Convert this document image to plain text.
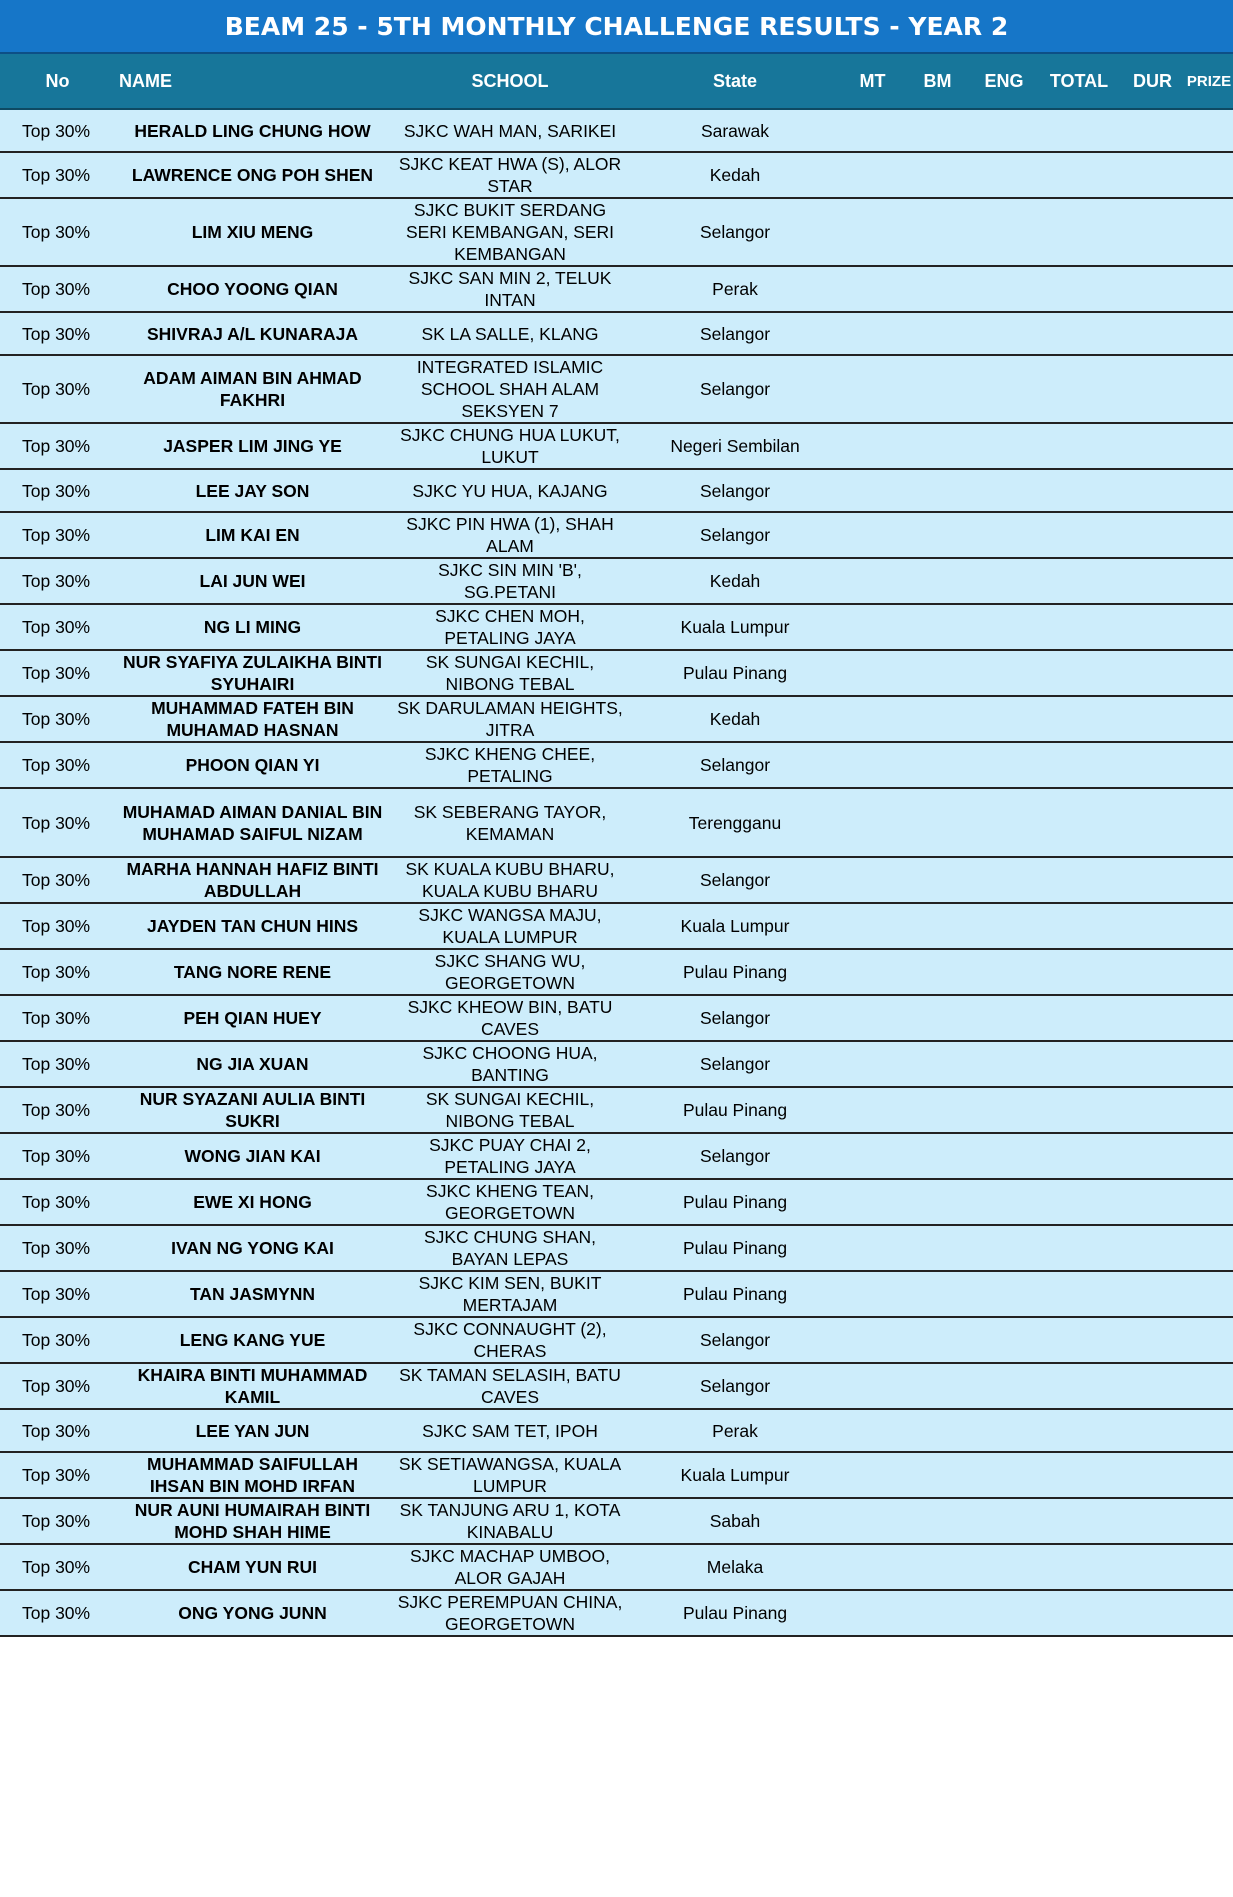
BEAM 25 - 5TH MONTHLY CHALLENGE RESULTS - YEAR 2
No	NAME	SCHOOL	State	MT	BM	ENG	TOTAL	DUR	PRIZE
Top 30%	HERALD LING CHUNG HOW	SJKC WAH MAN, SARIKEI	Sarawak						
Top 30%	LAWRENCE ONG POH SHEN	SJKC KEAT HWA (S), ALOR STAR	Kedah						
Top 30%	LIM XIU MENG	SJKC BUKIT SERDANG SERI KEMBANGAN, SERI KEMBANGAN	Selangor						
Top 30%	CHOO YOONG QIAN	SJKC SAN MIN 2, TELUK INTAN	Perak						
Top 30%	SHIVRAJ A/L KUNARAJA	SK LA SALLE, KLANG	Selangor						
Top 30%	ADAM AIMAN BIN AHMAD FAKHRI	INTEGRATED ISLAMIC SCHOOL SHAH ALAM SEKSYEN 7	Selangor						
Top 30%	JASPER LIM JING YE	SJKC CHUNG HUA LUKUT, LUKUT	Negeri Sembilan						
Top 30%	LEE JAY SON	SJKC YU HUA, KAJANG	Selangor						
Top 30%	LIM KAI EN	SJKC PIN HWA (1), SHAH ALAM	Selangor						
Top 30%	LAI JUN WEI	SJKC SIN MIN 'B', SG.PETANI	Kedah						
Top 30%	NG LI MING	SJKC CHEN MOH, PETALING JAYA	Kuala Lumpur						
Top 30%	NUR SYAFIYA ZULAIKHA BINTI SYUHAIRI	SK SUNGAI KECHIL, NIBONG TEBAL	Pulau Pinang						
Top 30%	MUHAMMAD FATEH BIN MUHAMAD HASNAN	SK DARULAMAN HEIGHTS, JITRA	Kedah						
Top 30%	PHOON QIAN YI	SJKC KHENG CHEE, PETALING	Selangor						
Top 30%	MUHAMAD AIMAN DANIAL BIN MUHAMAD SAIFUL NIZAM	SK SEBERANG TAYOR, KEMAMAN	Terengganu						
Top 30%	MARHA HANNAH HAFIZ BINTI ABDULLAH	SK KUALA KUBU BHARU, KUALA KUBU BHARU	Selangor						
Top 30%	JAYDEN TAN CHUN HINS	SJKC WANGSA MAJU, KUALA LUMPUR	Kuala Lumpur						
Top 30%	TANG NORE RENE	SJKC SHANG WU, GEORGETOWN	Pulau Pinang						
Top 30%	PEH QIAN HUEY	SJKC KHEOW BIN, BATU CAVES	Selangor						
Top 30%	NG JIA XUAN	SJKC CHOONG HUA, BANTING	Selangor						
Top 30%	NUR SYAZANI AULIA BINTI SUKRI	SK SUNGAI KECHIL, NIBONG TEBAL	Pulau Pinang						
Top 30%	WONG JIAN KAI	SJKC PUAY CHAI 2, PETALING JAYA	Selangor						
Top 30%	EWE XI HONG	SJKC KHENG TEAN, GEORGETOWN	Pulau Pinang						
Top 30%	IVAN NG YONG KAI	SJKC CHUNG SHAN, BAYAN LEPAS	Pulau Pinang						
Top 30%	TAN JASMYNN	SJKC KIM SEN, BUKIT MERTAJAM	Pulau Pinang						
Top 30%	LENG KANG YUE	SJKC CONNAUGHT (2), CHERAS	Selangor						
Top 30%	KHAIRA BINTI MUHAMMAD KAMIL	SK TAMAN SELASIH, BATU CAVES	Selangor						
Top 30%	LEE YAN JUN	SJKC SAM TET, IPOH	Perak						
Top 30%	MUHAMMAD SAIFULLAH IHSAN BIN MOHD IRFAN	SK SETIAWANGSA, KUALA LUMPUR	Kuala Lumpur						
Top 30%	NUR AUNI HUMAIRAH BINTI MOHD SHAH HIME	SK TANJUNG ARU 1, KOTA KINABALU	Sabah						
Top 30%	CHAM YUN RUI	SJKC MACHAP UMBOO, ALOR GAJAH	Melaka						
Top 30%	ONG YONG JUNN	SJKC PEREMPUAN CHINA, GEORGETOWN	Pulau Pinang						
